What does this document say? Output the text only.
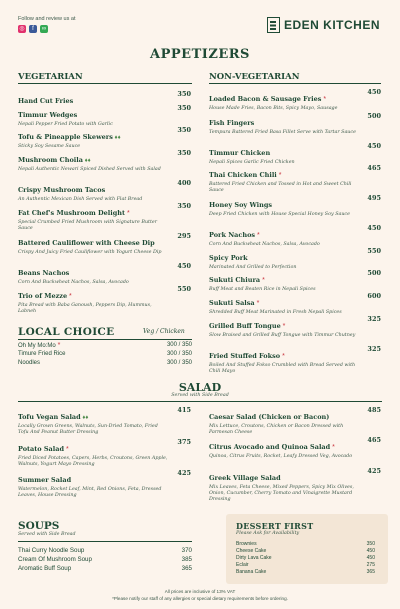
Follow and review us at
◎	f	∞	EDEN KITCHEN
APPETIZERS
VEGETARIAN	NON-VEGETARIAN
Hand Cut Fries
350
Timmur Wedges
Nepali Pepper Fried Potato with Garlic
350
Tofu & Pineapple Skewers ♦♦
Sticky Soy Sesame Sauce
350
Mushroom Choila ♦♦
Nepali Authentic Newari Spiced Dished Served with Salad
350
Crispy Mushroom Tacos
An Authentic Mexican Dish Served with Flat Bread
400
Fat Chef's Mushroom Delight *
Special Crumbed Fried Mushroom with Signature Butter Sauce
350
Battered Cauliflower with Cheese Dip
Crispy And Juicy Fried Cauliflower with Yogurt Cheese Dip
295
Beans Nachos
Corn And Buckwheat Nachos, Salsa, Avocado
450
Trio of Mezze *
Pita Bread with Baba Ganoush, Peppers Dip, Hummus, Labneh
550
Loaded Bacon & Sausage Fries *
House Made Fries, Bacon Bits, Spicy Mayo, Sausage
450
Fish Fingers
Tempura Battered Fried Basa Fillet Serve with Tartar Sauce
500
Timmur Chicken
Nepali Spices Garlic Fried Chicken
450
Thai Chicken Chili *
Battered Fried Chicken and Tossed in Hot and Sweet Chili Sauce
465
Honey Soy Wings
Deep Fried Chicken with House Special Honey Soy Sauce
495
Pork Nachos *
Corn And Buckwheat Nachos, Salsa, Avocado
450
Spicy Pork
Marinated And Grilled to Perfection
550
Sukuti Chiura *
Buff Meat and Beaten Rice in Nepali Spices
500
Sukuti Salsa *
Shredded Buff Meat Marinated in Fresh Nepali Spices
600
Grilled Buff Tongue *
Slow Braised and Grilled Buff Tongue with Timmur Chutney
325
Fried Stuffed Fokso *
Boiled And Stuffed Fokso Crumbled with Bread Served with Chili Mayo
325
LOCAL CHOICE	Veg / Chicken
Oh My Mo:Mo *	300 / 350
Timure Fried Rice	300 / 350
Noodles	300 / 350
SALAD
Served with Side Bread
Tofu Vegan Salad ♦♦
Locally Grown Greens, Walnuts, Sun-Dried Tomato, Fried Tofu And Peanut Butter Dressing
415
Potato Salad *
Fried Diced Potatoes, Capers, Herbs, Croutons, Green Apple, Walnuts, Yogurt Mayo Dressing
375
Summer Salad
Watermelon, Rocket Leaf, Mint, Red Onions, Feta, Dressed Leaves, House Dressing
425
Caesar Salad (Chicken or Bacon)
Mix Lettuce, Croutons, Chicken or Bacon Dressed with Parmesan Cheese
485
Citrus Avocado and Quinoa Salad *
Quinoa, Citrus Fruits, Rocket, Leafy Dressed Veg, Avocado
465
Greek Village Salad
Mix Leaves, Feta Cheese, Mixed Peppers, Spicy Mix Olives, Onion, Cucumber, Cherry Tomato and Vinaigrette Mustard Dressing
425
SOUPS
Served with Side Bread
Thai Curry Noodle Soup	370
Cream Of Mushroom Soup	385
Aromatic Buff Soup	365
DESSERT FIRST
Please Ask for Availability
Brownies	350
Cheese Cake	450
Dirty Lava Cake	450
Eclair	275
Banana Cake	365
All prices are inclusive of 13% VAT
*Please notify our staff of any allergies or special dietary requirements before ordering.
